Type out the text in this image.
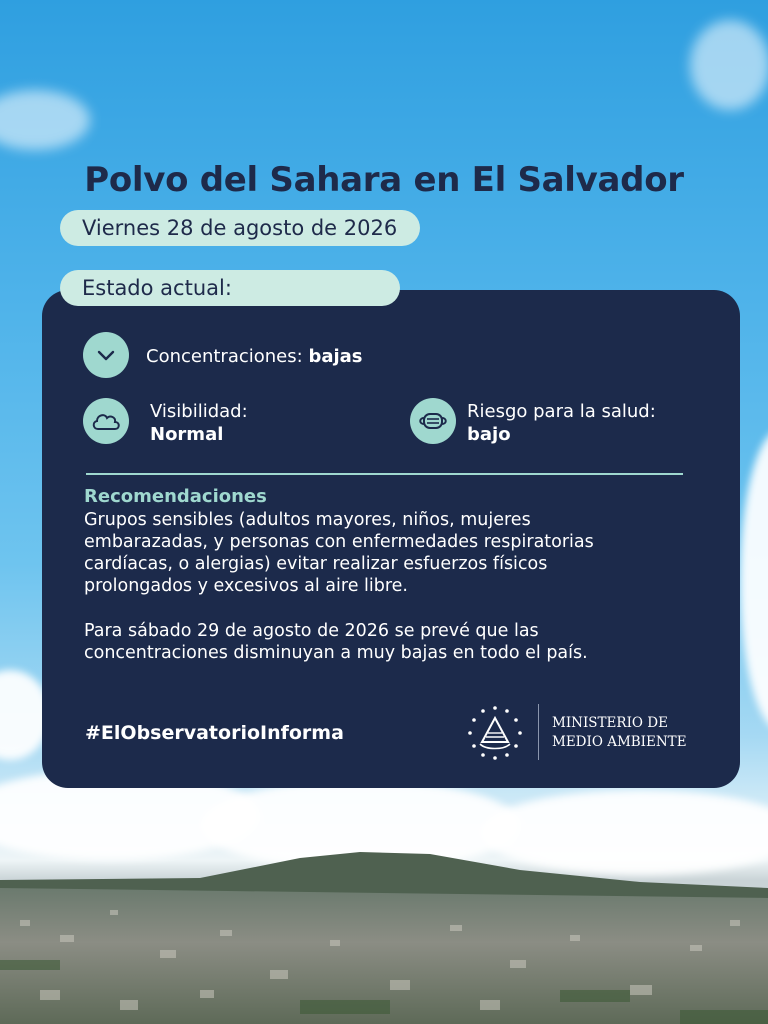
Polvo del Sahara en El Salvador
Viernes 28 de agosto de 2026
Estado actual:
Concentraciones: bajas
Visibilidad:
Normal
Riesgo para la salud:
bajo
Recomendaciones
Grupos sensibles (adultos mayores, niños, mujeres
embarazadas, y personas con enfermedades respiratorias
cardíacas, o alergias) evitar realizar esfuerzos físicos
prolongados y excesivos al aire libre.
Para sábado 29 de agosto de 2026 se prevé que las
concentraciones disminuyan a muy bajas en todo el país.
#ElObservatorioInforma	MINISTERIO DE
MEDIO AMBIENTE
